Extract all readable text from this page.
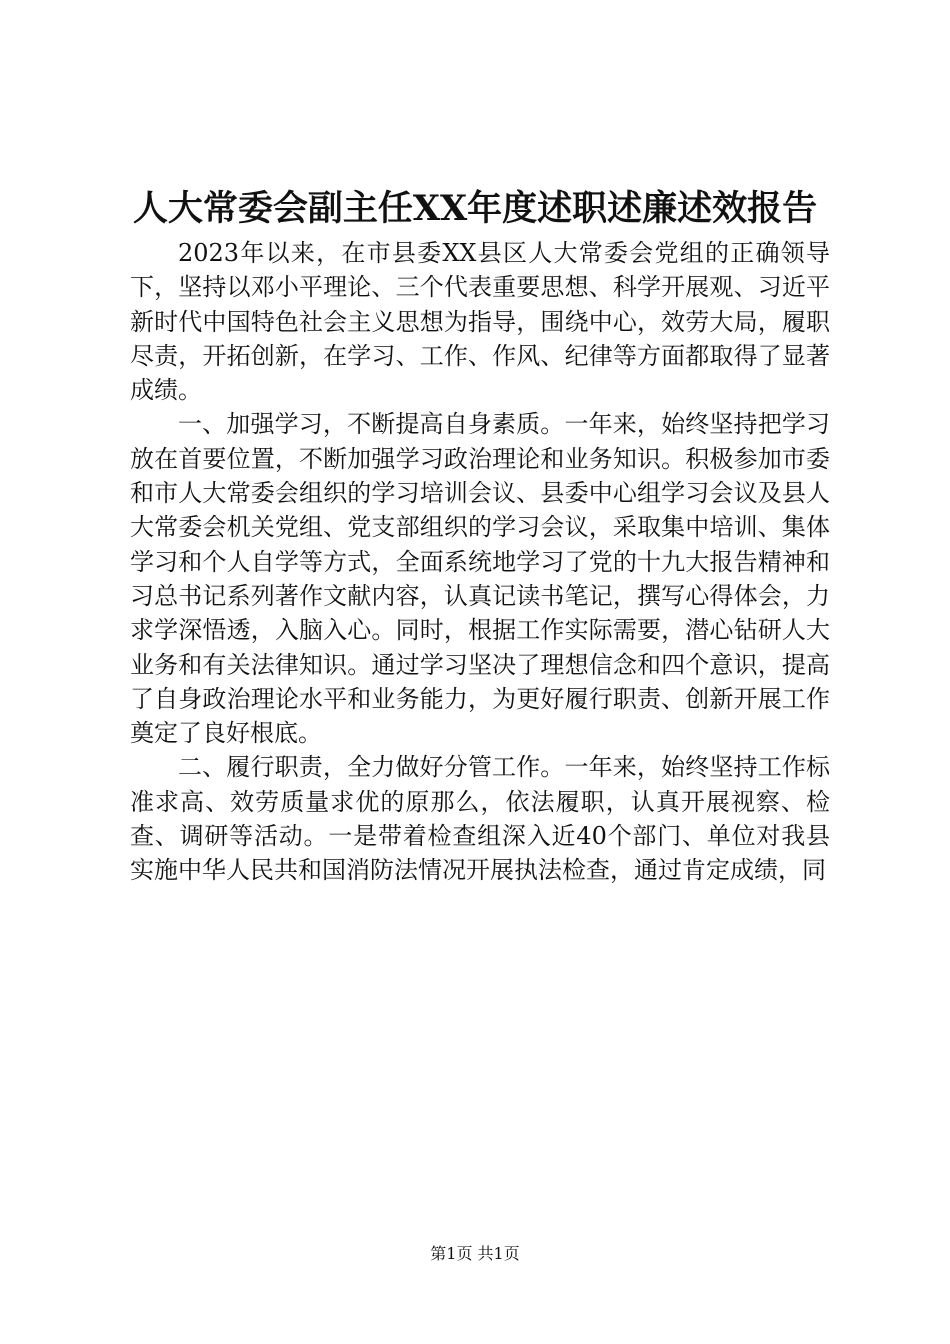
人大常委会副主任XX年度述职述廉述效报告

2023年以来，在市县委XX县区人大常委会党组的正确领导下，坚持以邓小平理论、三个代表重要思想、科学开展观、习近平新时代中国特色社会主义思想为指导，围绕中心，效劳大局，履职尽责，开拓创新，在学习、工作、作风、纪律等方面都取得了显著成绩。

一、加强学习，不断提高自身素质。一年来，始终坚持把学习放在首要位置，不断加强学习政治理论和业务知识。积极参加市委和市人大常委会组织的学习培训会议、县委中心组学习会议及县人大常委会机关党组、党支部组织的学习会议，采取集中培训、集体学习和个人自学等方式，全面系统地学习了党的十九大报告精神和习总书记系列著作文献内容，认真记读书笔记，撰写心得体会，力求学深悟透，入脑入心。同时，根据工作实际需要，潜心钻研人大业务和有关法律知识。通过学习坚决了理想信念和四个意识，提高了自身政治理论水平和业务能力，为更好履行职责、创新开展工作奠定了良好根底。

二、履行职责，全力做好分管工作。一年来，始终坚持工作标准求高、效劳质量求优的原那么，依法履职，认真开展视察、检查、调研等活动。一是带着检查组深入近40个部门、单位对我县实施中华人民共和国消防法情况开展执法检查，通过肯定成绩，同

第1页 共1页
